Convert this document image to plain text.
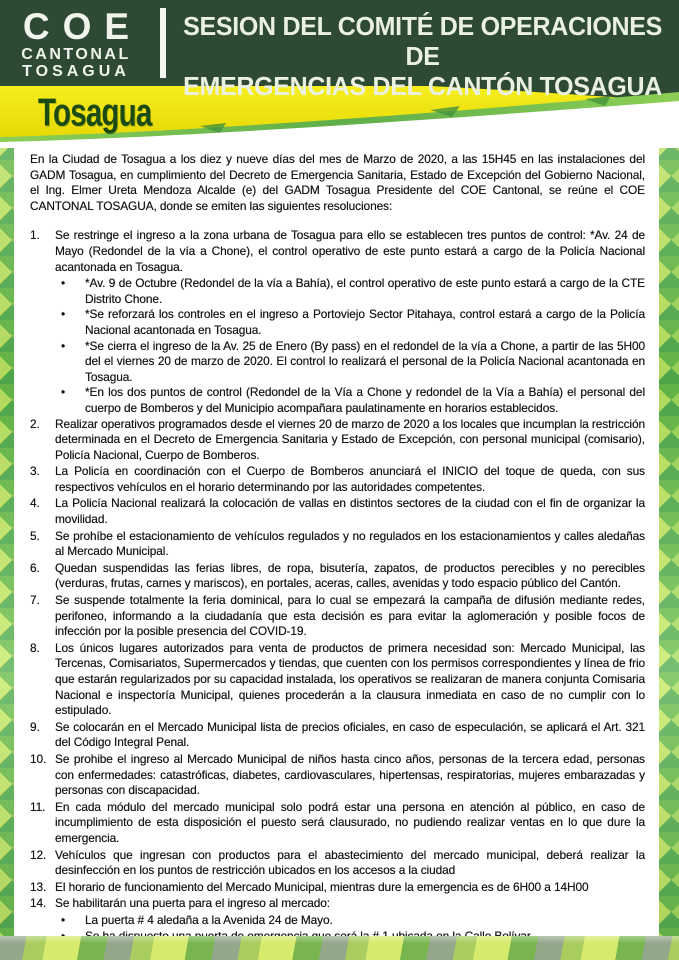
COE
CANTONAL
TOSAGUA
SESION DEL COMITÉ DE OPERACIONES DE
EMERGENCIAS DEL CANTÓN TOSAGUA
Tosagua

En la Ciudad de Tosagua a los diez y nueve días del mes de Marzo de 2020, a las 15H45 en las instalaciones del GADM Tosagua, en cumplimiento del Decreto de Emergencia Sanitaria, Estado de Excepción del Gobierno Nacional, el Ing. Elmer Ureta Mendoza Alcalde (e) del GADM Tosagua Presidente del COE Cantonal, se reúne el COE CANTONAL TOSAGUA, donde se emiten las siguientes resoluciones:

1.	Se restringe el ingreso a la zona urbana de Tosagua para ello se establecen tres puntos de control: *Av. 24 de Mayo (Redondel de la vía a Chone), el control operativo de este punto estará a cargo de la Policía Nacional acantonada en Tosagua.
•	*Av. 9 de Octubre (Redondel de la vía a Bahía), el control operativo de este punto estará a cargo de la CTE Distrito Chone.
•	*Se reforzará los controles en el ingreso a Portoviejo Sector Pitahaya, control estará a cargo de la Policía Nacional acantonada en Tosagua.
•	*Se cierra el ingreso de la Av. 25 de Enero (By pass) en el redondel de la vía a Chone, a partir de las 5H00 del el viernes 20 de marzo de 2020. El control lo realizará el personal de la Policía Nacional acantonada en Tosagua.
•	*En los dos puntos de control (Redondel de la Vía a Chone y redondel de la Vía a Bahía) el personal del cuerpo de Bomberos y del Municipio acompañara paulatinamente en horarios establecidos.
2.	Realizar operativos programados desde el viernes 20 de marzo de 2020 a los locales que incumplan la restricción determinada en el Decreto de Emergencia Sanitaria y Estado de Excepción, con personal municipal (comisario), Policía Nacional, Cuerpo de Bomberos.
3.	La Policía en coordinación con el Cuerpo de Bomberos anunciará el INICIO del toque de queda, con sus respectivos vehículos en el horario determinando por las autoridades competentes.
4.	La Policía Nacional realizará la colocación de vallas en distintos sectores de la ciudad con el fin de organizar la movilidad.
5.	Se prohíbe el estacionamiento de vehículos regulados y no regulados en los estacionamientos y calles aledañas al Mercado Municipal.
6.	Quedan suspendidas las ferias libres, de ropa, bisutería, zapatos, de productos perecibles y no perecibles (verduras, frutas, carnes y mariscos), en portales, aceras, calles, avenidas y todo espacio público del Cantón.
7.	Se suspende totalmente la feria dominical, para lo cual se empezará la campaña de difusión mediante redes, perifoneo, informando a la ciudadanía que esta decisión es para evitar la aglomeración y posible focos de infección por la posible presencia del COVID-19.
8.	Los únicos lugares autorizados para venta de productos de primera necesidad son: Mercado Municipal, las Tercenas, Comisariatos, Supermercados y tiendas, que cuenten con los permisos correspondientes y línea de frio que estarán regularizados por su capacidad instalada, los operativos se realizaran de manera conjunta Comisaria Nacional e inspectoría Municipal, quienes procederán a la clausura inmediata en caso de no cumplir con lo estipulado.
9.	Se colocarán en el Mercado Municipal lista de precios oficiales, en caso de especulación, se aplicará el Art. 321 del Código Integral Penal.
10. Se prohibe el ingreso al Mercado Municipal de niños hasta cinco años, personas de la tercera edad, personas con enfermedades: catastróficas, diabetes, cardiovasculares, hipertensas, respiratorias, mujeres embarazadas y personas con discapacidad.
11. En cada módulo del mercado municipal solo podrá estar una persona en atención al público, en caso de incumplimiento de esta disposición el puesto será clausurado, no pudiendo realizar ventas en lo que dure la emergencia.
12. Vehículos que ingresan con productos para el abastecimiento del mercado municipal, deberá realizar la desinfección en los puntos de restricción ubicados en los accesos a la ciudad
13. El horario de funcionamiento del Mercado Municipal, mientras dure la emergencia es de 6H00 a 14H00
14. Se habilitarán una puerta para el ingreso al mercado:
•	La puerta # 4 aledaña a la Avenida 24 de Mayo.
